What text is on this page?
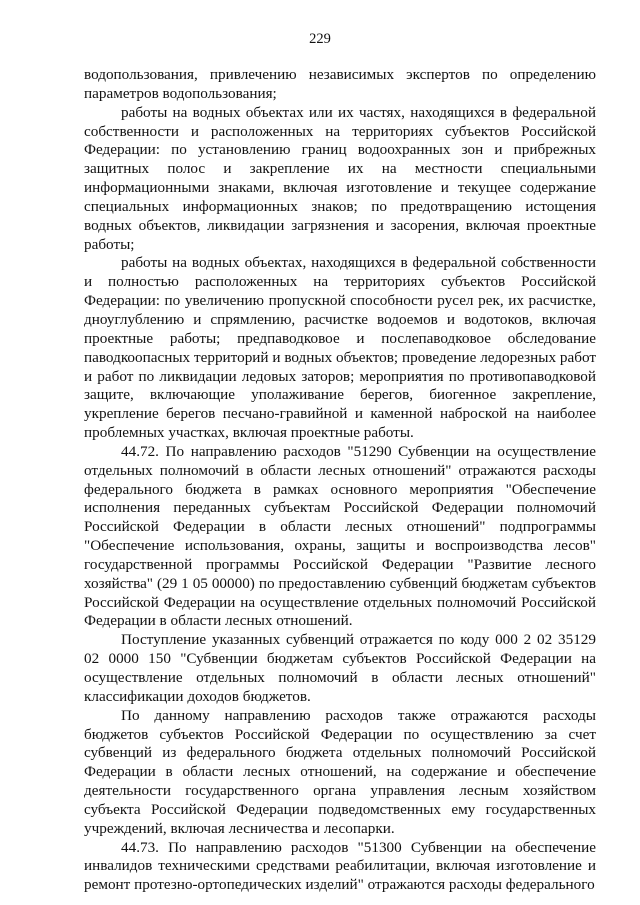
229

водопользования, привлечению независимых экспертов по определению параметров водопользования;

работы на водных объектах или их частях, находящихся в федеральной собственности и расположенных на территориях субъектов Российской Федерации: по установлению границ водоохранных зон и прибрежных защитных полос и закрепление их на местности специальными информационными знаками, включая изготовление и текущее содержание специальных информационных знаков; по предотвращению истощения водных объектов, ликвидации загрязнения и засорения, включая проектные работы;

работы на водных объектах, находящихся в федеральной собственности и полностью расположенных на территориях субъектов Российской Федерации: по увеличению пропускной способности русел рек, их расчистке, дноуглублению и спрямлению, расчистке водоемов и водотоков, включая проектные работы; предпаводковое и послепаводковое обследование паводкоопасных территорий и водных объектов; проведение ледорезных работ и работ по ликвидации ледовых заторов; мероприятия по противопаводковой защите, включающие уполаживание берегов, биогенное закрепление, укрепление берегов песчано-гравийной и каменной наброской на наиболее проблемных участках, включая проектные работы.

44.72. По направлению расходов "51290 Субвенции на осуществление отдельных полномочий в области лесных отношений" отражаются расходы федерального бюджета в рамках основного мероприятия "Обеспечение исполнения переданных субъектам Российской Федерации полномочий Российской Федерации в области лесных отношений" подпрограммы "Обеспечение использования, охраны, защиты и воспроизводства лесов" государственной программы Российской Федерации "Развитие лесного хозяйства" (29 1 05 00000) по предоставлению субвенций бюджетам субъектов Российской Федерации на осуществление отдельных полномочий Российской Федерации в области лесных отношений.

Поступление указанных субвенций отражается по коду 000 2 02 35129 02 0000 150 "Субвенции бюджетам субъектов Российской Федерации на осуществление отдельных полномочий в области лесных отношений" классификации доходов бюджетов.

По данному направлению расходов также отражаются расходы бюджетов субъектов Российской Федерации по осуществлению за счет субвенций из федерального бюджета отдельных полномочий Российской Федерации в области лесных отношений, на содержание и обеспечение деятельности государственного органа управления лесным хозяйством субъекта Российской Федерации подведомственных ему государственных учреждений, включая лесничества и лесопарки.

44.73. По направлению расходов "51300 Субвенции на обеспечение инвалидов техническими средствами реабилитации, включая изготовление и ремонт протезно-ортопедических изделий" отражаются расходы федерального
